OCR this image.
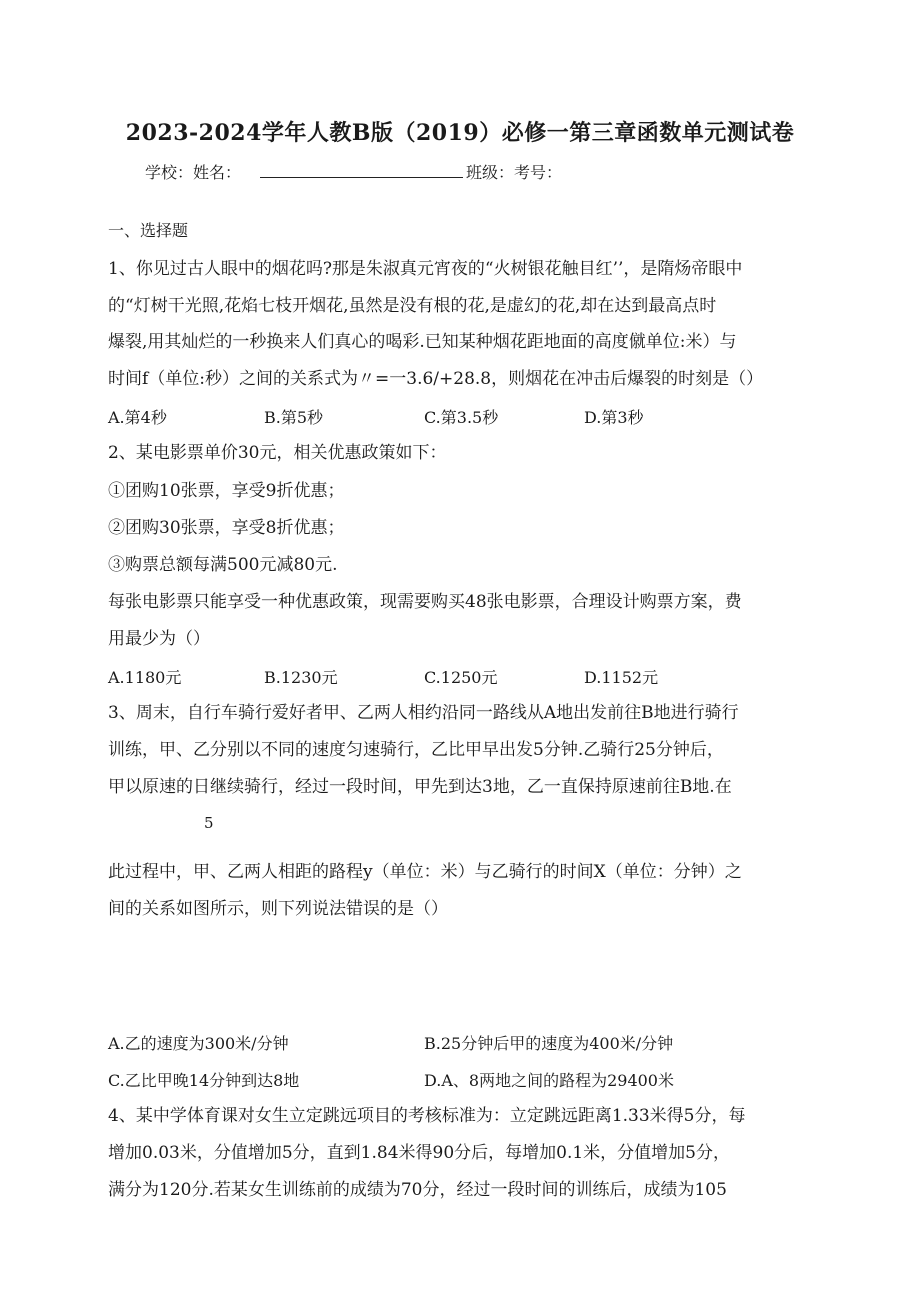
2023-2024学年人教B版（2019）必修一第三章函数单元测试卷
学校：姓名：	班级：考号：
一、选择题
1、你见过古人眼中的烟花吗?那是朱淑真元宵夜的“火树银花触目红’’，是隋炀帝眼中
的“灯树干光照,花焰七枝开烟花,虽然是没有根的花,是虚幻的花,却在达到最高点时
爆裂,用其灿烂的一秒换来人们真心的喝彩.已知某种烟花距地面的高度僦单位:米）与
时间f（单位:秒）之间的关系式为〃=一3.6/+28.8，则烟花在冲击后爆裂的时刻是（）
A.第4秒	B.第5秒	C.第3.5秒	D.第3秒
2、某电影票单价30元，相关优惠政策如下：
①团购10张票，享受9折优惠；
②团购30张票，享受8折优惠；
③购票总额每满500元减80元.
每张电影票只能享受一种优惠政策，现需要购买48张电影票，合理设计购票方案，费
用最少为（）
A.1180元	B.1230元	C.1250元	D.1152元
3、周末，自行车骑行爱好者甲、乙两人相约沿同一路线从A地出发前往B地进行骑行
训练，甲、乙分别以不同的速度匀速骑行，乙比甲早出发5分钟.乙骑行25分钟后，
甲以原速的日继续骑行，经过一段时间，甲先到达3地，乙一直保持原速前往B地.在
5
此过程中，甲、乙两人相距的路程y（单位：米）与乙骑行的时间X（单位：分钟）之
间的关系如图所示，则下列说法错误的是（）
A.乙的速度为300米/分钟	B.25分钟后甲的速度为400米/分钟
C.乙比甲晚14分钟到达8地	D.A、8两地之间的路程为29400米
4、某中学体育课对女生立定跳远项目的考核标准为：立定跳远距离1.33米得5分，每
增加0.03米，分值增加5分，直到1.84米得90分后，每增加0.1米，分值增加5分，
满分为120分.若某女生训练前的成绩为70分，经过一段时间的训练后，成绩为105
